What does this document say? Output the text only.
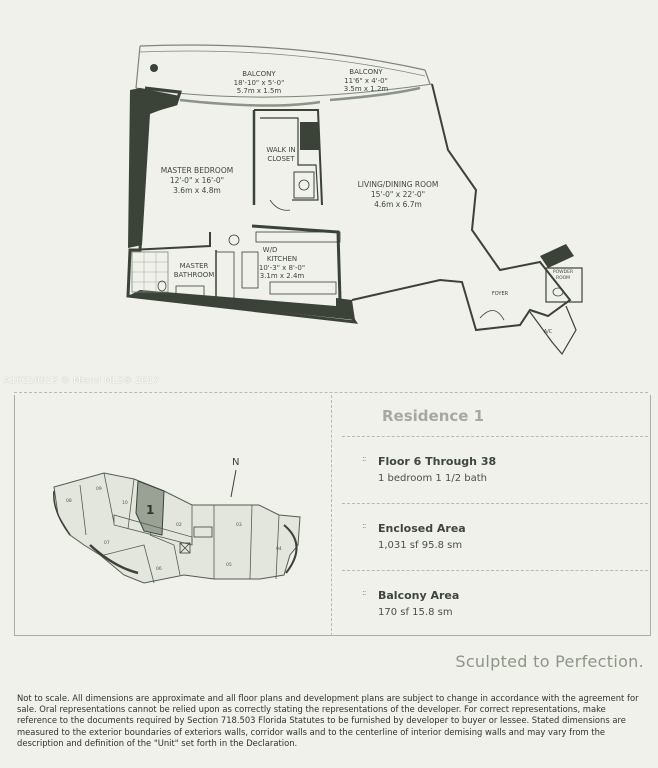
BALCONY
18'-10" x 5'-0"
5.7m x 1.5m
BALCONY
11'6" x 4'-0"
3.5m x 1.2m
MASTER BEDROOM
12'-0" x 16'-0"
3.6m x 4.8m
WALK IN
CLOSET
LIVING/DINING ROOM
15'-0" x 22'-0"
4.6m x 6.7m
KITCHEN
10'-3" x 8'-0"
3.1m x 2.4m
W/D
MASTER
BATHROOM	POWDER
ROOM
FOYER
A/C
A10216513 © Miami MLS® 2017
N
1
08
09
07
06
05
04
03
02
10
Residence 1
::
Floor 6 Through 38
1 bedroom 1 1/2 bath
::
Enclosed Area
1,031 sf 95.8 sm
::
Balcony Area
170 sf 15.8 sm
Sculpted to Perfection.
Not to scale. All dimensions are approximate and all floor plans and development plans are subject to change in accordance with the agreement for sale. Oral representations cannot be relied upon as correctly stating the representations of the developer. For correct representations, make reference to the documents required by Section 718.503 Florida Statutes to be furnished by developer to buyer or lessee. Stated dimensions are measured to the exterior boundaries of exteriors walls, corridor walls and to the centerline of interior demising walls and may vary from the description and definition of the "Unit" set forth in the Declaration.
